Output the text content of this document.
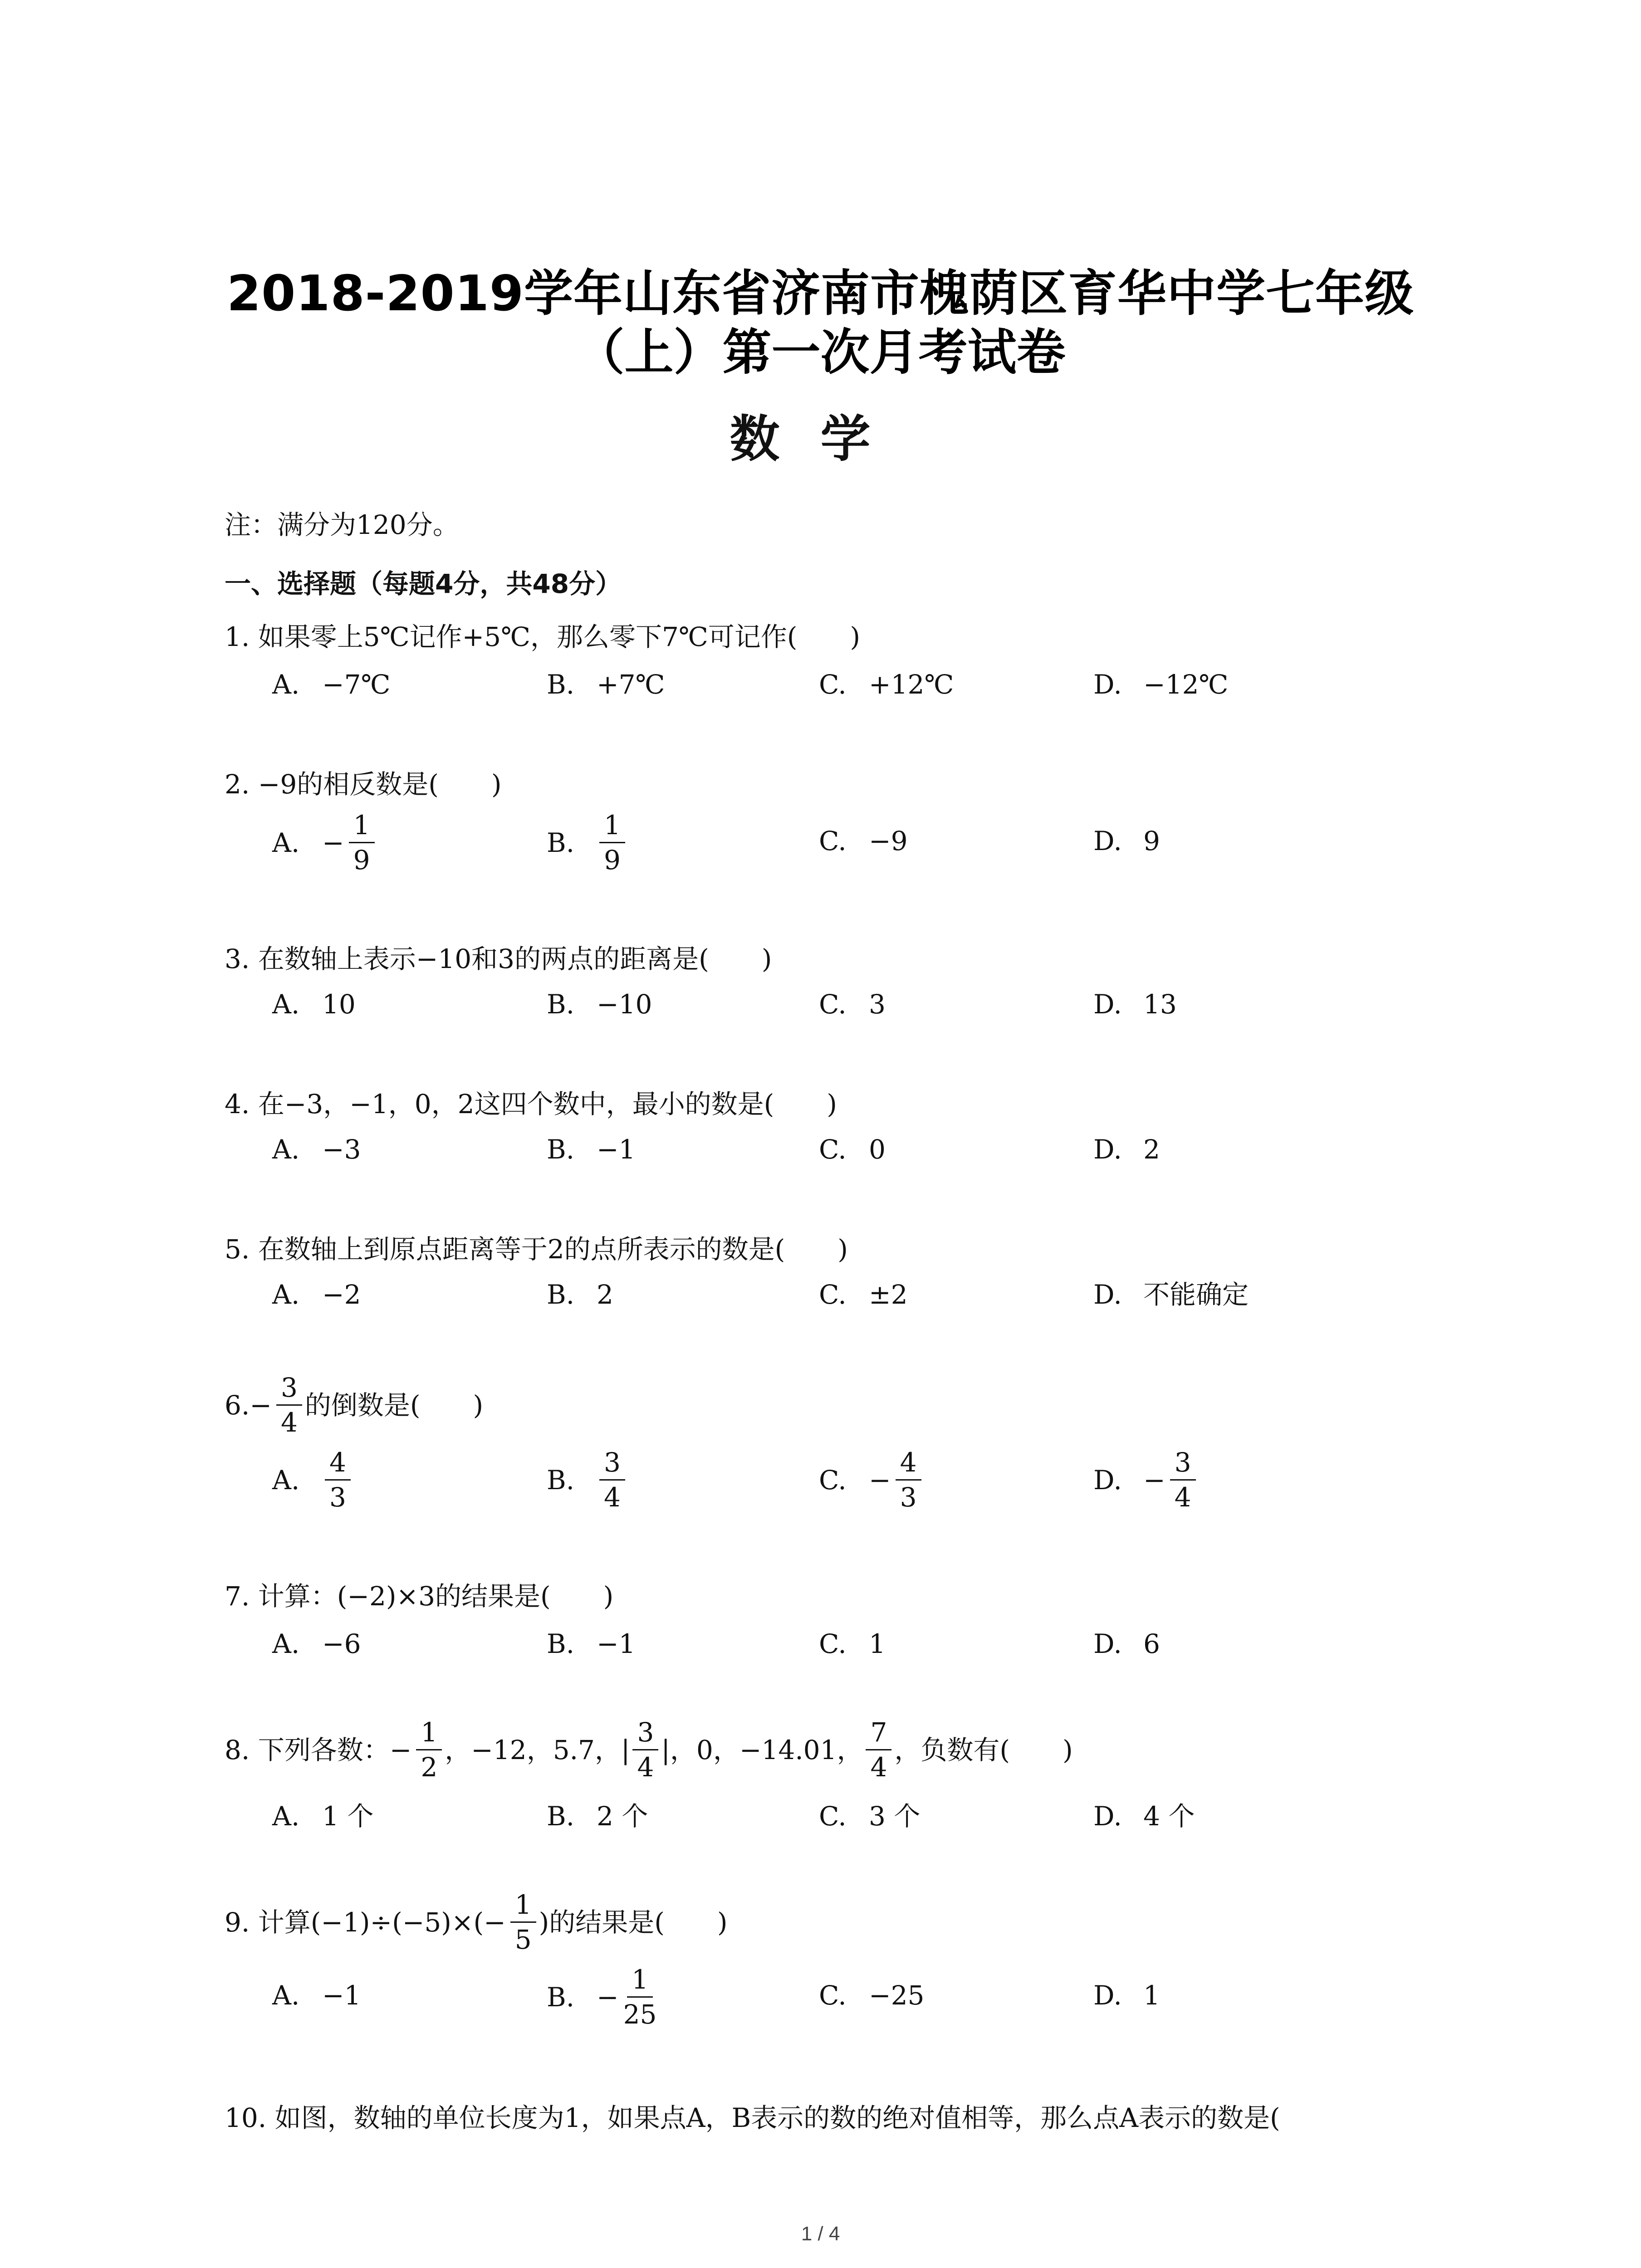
2018-2019学年山东省济南市槐荫区育华中学七年级
（上）第一次月考试卷
数学
注：满分为120分。
一、选择题（每题4分，共48分）
1. 如果零上5℃记作+5℃，那么零下7℃可记作(　　)
A. −7℃	B. +7℃	C. +12℃	D. −12℃
2. −9的相反数是(　　)
A. − $\frac{1}{9}$	B. $\frac{1}{9}$	C. −9	D. 9
3. 在数轴上表示−10和3的两点的距离是(　　)
A. 10	B. −10	C. 3	D. 13
4. 在−3，−1，0，2这四个数中，最小的数是(　　)
A. −3	B. −1	C. 0	D. 2
5. 在数轴上到原点距离等于2的点所表示的数是(　　)
A. −2	B. 2	C. ±2	D. 不能确定
6. − $\frac{3}{4}$ 的倒数是(　　)
A. $\frac{4}{3}$	B. $\frac{3}{4}$	C. − $\frac{4}{3}$	D. − $\frac{3}{4}$
7. 计算：(−2)×3的结果是(　　)
A. −6	B. −1	C. 1	D. 6
8. 下列各数： − $\frac{1}{2}$ ，−12，5.7，| $\frac{3}{4}$ |，0，−14.01， $\frac{7}{4}$ ，负数有(　　)
A. 1 个	B. 2 个	C. 3 个	D. 4 个
9. 计算$(-1)\div(-5)\times( - \frac{1}{5}$ )的结果是(　　)
A. −1	B. − $\frac{1}{25}$	C. −25	D. 1
10. 如图，数轴的单位长度为1，如果点A，B表示的数的绝对值相等，那么点A表示的数是(
1 / 4
